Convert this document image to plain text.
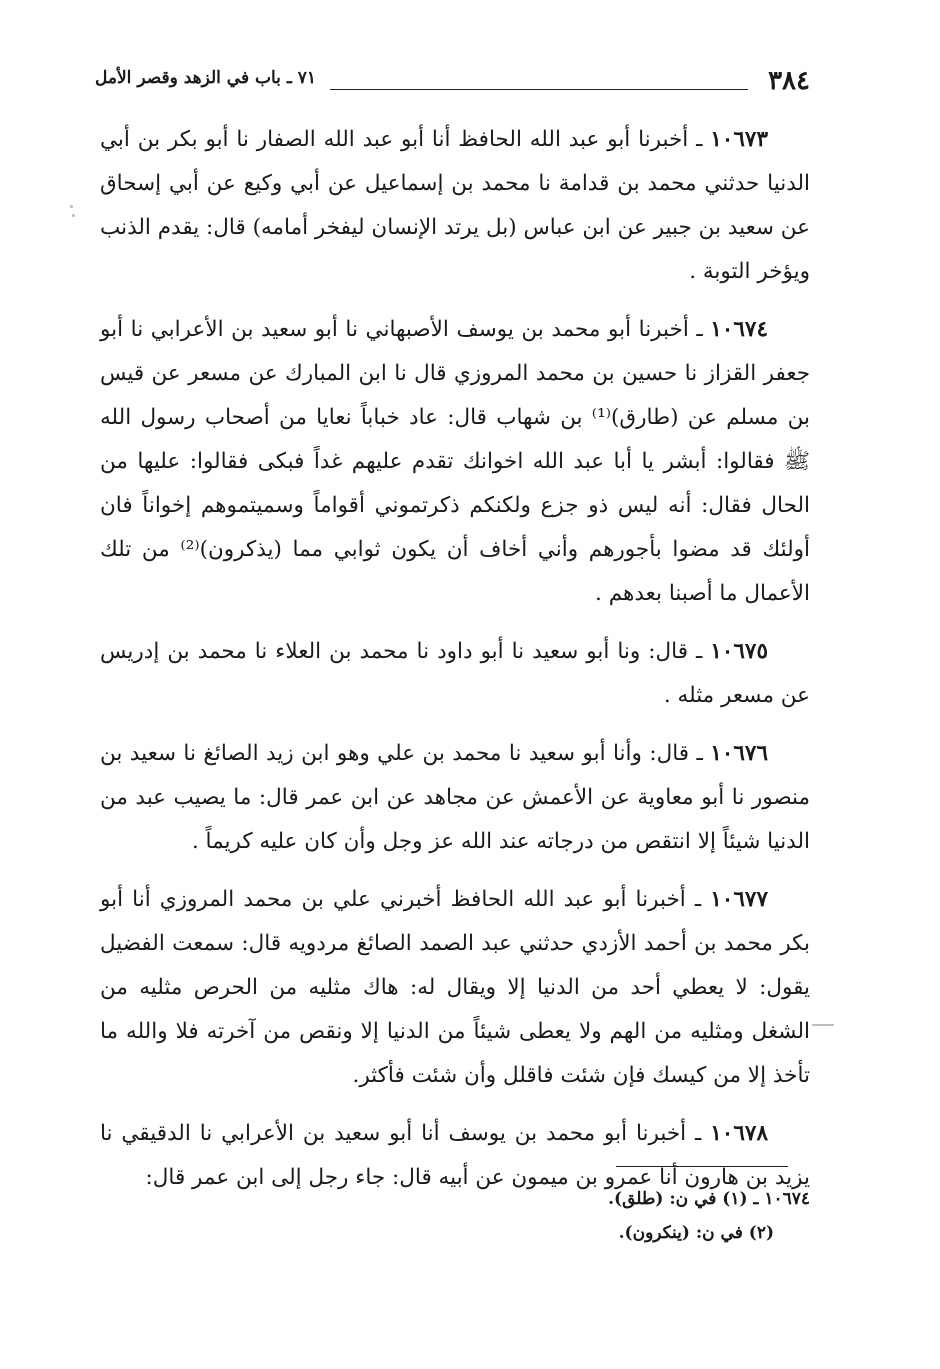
٣٨٤
٧١ ـ باب في الزهد وقصر الأمل

١٠٦٧٣ ـ أخبرنا أبو عبد الله الحافظ أنا أبو عبد الله الصفار نا أبو بكر بن أبي الدنيا حدثني محمد بن قدامة نا محمد بن إسماعيل عن أبي وكيع عن أبي إسحاق عن سعيد بن جبير عن ابن عباس (بل يرتد الإنسان ليفخر أمامه) قال: يقدم الذنب ويؤخر التوبة .

١٠٦٧٤ ـ أخبرنا أبو محمد بن يوسف الأصبهاني نا أبو سعيد بن الأعرابي نا أبو جعفر القزاز نا حسين بن محمد المروزي قال نا ابن المبارك عن مسعر عن قيس بن مسلم عن (طارق)⁽¹⁾ بن شهاب قال: عاد خباباً نعايا من أصحاب رسول الله ﷺ فقالوا: أبشر يا أبا عبد الله اخوانك تقدم عليهم غداً فبكى فقالوا: عليها من الحال فقال: أنه ليس ذو جزع ولكنكم ذكرتموني أقواماً وسميتموهم إخواناً فان أولئك قد مضوا بأجورهم وأني أخاف أن يكون ثوابي مما (يذكرون)⁽²⁾ من تلك الأعمال ما أصبنا بعدهم .

١٠٦٧٥ ـ قال: ونا أبو سعيد نا أبو داود نا محمد بن العلاء نا محمد بن إدريس عن مسعر مثله .

١٠٦٧٦ ـ قال: وأنا أبو سعيد نا محمد بن علي وهو ابن زيد الصائغ نا سعيد بن منصور نا أبو معاوية عن الأعمش عن مجاهد عن ابن عمر قال: ما يصيب عبد من الدنيا شيئاً إلا انتقص من درجاته عند الله عز وجل وأن كان عليه كريماً .

١٠٦٧٧ ـ أخبرنا أبو عبد الله الحافظ أخبرني علي بن محمد المروزي أنا أبو بكر محمد بن أحمد الأزدي حدثني عبد الصمد الصائغ مردويه قال: سمعت الفضيل يقول: لا يعطي أحد من الدنيا إلا ويقال له: هاك مثليه من الحرص مثليه من الشغل ومثليه من الهم ولا يعطى شيئاً من الدنيا إلا ونقص من آخرته فلا والله ما تأخذ إلا من كيسك فإن شئت فاقلل وأن شئت فأكثر.

١٠٦٧٨ ـ أخبرنا أبو محمد بن يوسف أنا أبو سعيد بن الأعرابي نا الدقيقي نا يزيد بن هارون أنا عمرو بن ميمون عن أبيه قال: جاء رجل إلى ابن عمر قال:

١٠٦٧٤ ـ (١) في ن: (طلق).

(٢) في ن: (ينكرون).
